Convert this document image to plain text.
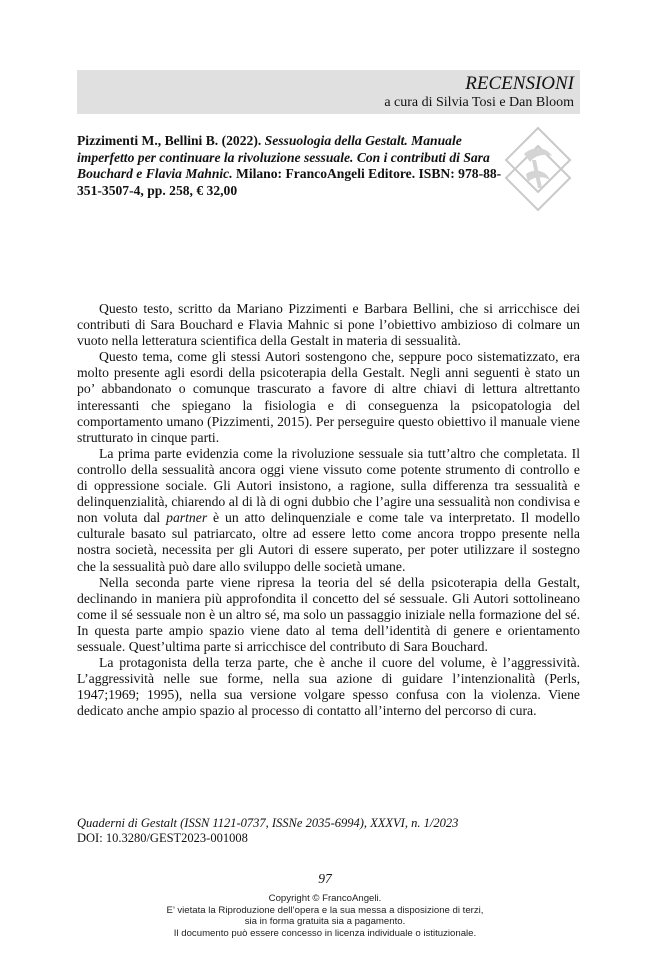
RECENSIONI
a cura di Silvia Tosi e Dan Bloom
Pizzimenti M., Bellini B. (2022). Sessuologia della Gestalt. Manuale imperfetto per continuare la rivoluzione sessuale. Con i contributi di Sara Bouchard e Flavia Mahnic. Milano: FrancoAngeli Editore. ISBN: 978-88-351-3507-4, pp. 258, € 32,00

Questo testo, scritto da Mariano Pizzimenti e Barbara Bellini, che si arricchisce dei contributi di Sara Bouchard e Flavia Mahnic si pone l’obiettivo ambizioso di colmare un vuoto nella letteratura scientifica della Gestalt in materia di sessualità.

Questo tema, come gli stessi Autori sostengono che, seppure poco sistematizzato, era molto presente agli esordi della psicoterapia della Gestalt. Negli anni seguenti è stato un po’ abbandonato o comunque trascurato a favore di altre chiavi di lettura altrettanto interessanti che spiegano la fisiologia e di conseguenza la psicopatologia del comportamento umano (Pizzimenti, 2015). Per perseguire questo obiettivo il manuale viene strutturato in cinque parti.

La prima parte evidenzia come la rivoluzione sessuale sia tutt’altro che completata. Il controllo della sessualità ancora oggi viene vissuto come potente strumento di controllo e di oppressione sociale. Gli Autori insistono, a ragione, sulla differenza tra sessualità e delinquenzialità, chiarendo al di là di ogni dubbio che l’agire una sessualità non condivisa e non voluta dal partner è un atto delinquenziale e come tale va interpretato. Il modello culturale basato sul patriarcato, oltre ad essere letto come ancora troppo presente nella nostra società, necessita per gli Autori di essere superato, per poter utilizzare il sostegno che la sessualità può dare allo sviluppo delle società umane.

Nella seconda parte viene ripresa la teoria del sé della psicoterapia della Gestalt, declinando in maniera più approfondita il concetto del sé sessuale. Gli Autori sottolineano come il sé sessuale non è un altro sé, ma solo un passaggio iniziale nella formazione del sé. In questa parte ampio spazio viene dato al tema dell’identità di genere e orientamento sessuale. Quest’ultima parte si arricchisce del contributo di Sara Bouchard.

La protagonista della terza parte, che è anche il cuore del volume, è l’aggressività. L’aggressività nelle sue forme, nella sua azione di guidare l’intenzionalità (Perls, 1947;1969; 1995), nella sua versione volgare spesso confusa con la violenza. Viene dedicato anche ampio spazio al processo di contatto all’interno del percorso di cura.

Quaderni di Gestalt (ISSN 1121-0737, ISSNe 2035-6994), XXXVI, n. 1/2023
DOI: 10.3280/GEST2023-001008
97
Copyright © FrancoAngeli.
E’ vietata la Riproduzione dell’opera e la sua messa a disposizione di terzi,
sia in forma gratuita sia a pagamento.
Il documento può essere concesso in licenza individuale o istituzionale.
